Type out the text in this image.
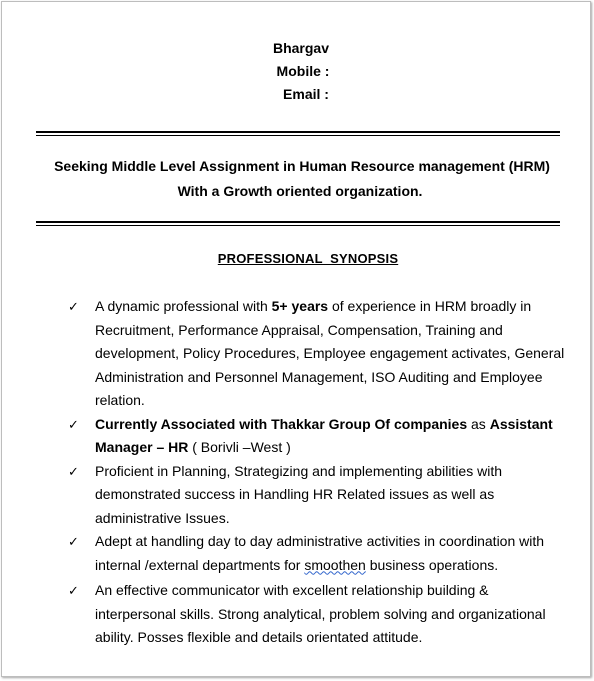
Bhargav
Mobile :
Email :
Seeking Middle Level Assignment in Human Resource management (HRM)
With a Growth oriented organization.
PROFESSIONAL  SYNOPSIS
✓ A dynamic professional with 5+ years of experience in HRM broadly in Recruitment, Performance Appraisal, Compensation, Training and development, Policy Procedures, Employee engagement activates, General Administration and Personnel Management, ISO Auditing and Employee relation.
✓ Currently Associated with Thakkar Group Of companies as Assistant Manager – HR ( Borivli –West )
✓ Proficient in Planning, Strategizing and implementing abilities with demonstrated success in Handling HR Related issues as well as administrative Issues.
✓ Adept at handling day to day administrative activities in coordination with internal /external departments for smoothen business operations.
✓ An effective communicator with excellent relationship building & interpersonal skills. Strong analytical, problem solving and organizational ability. Posses flexible and details orientated attitude.
